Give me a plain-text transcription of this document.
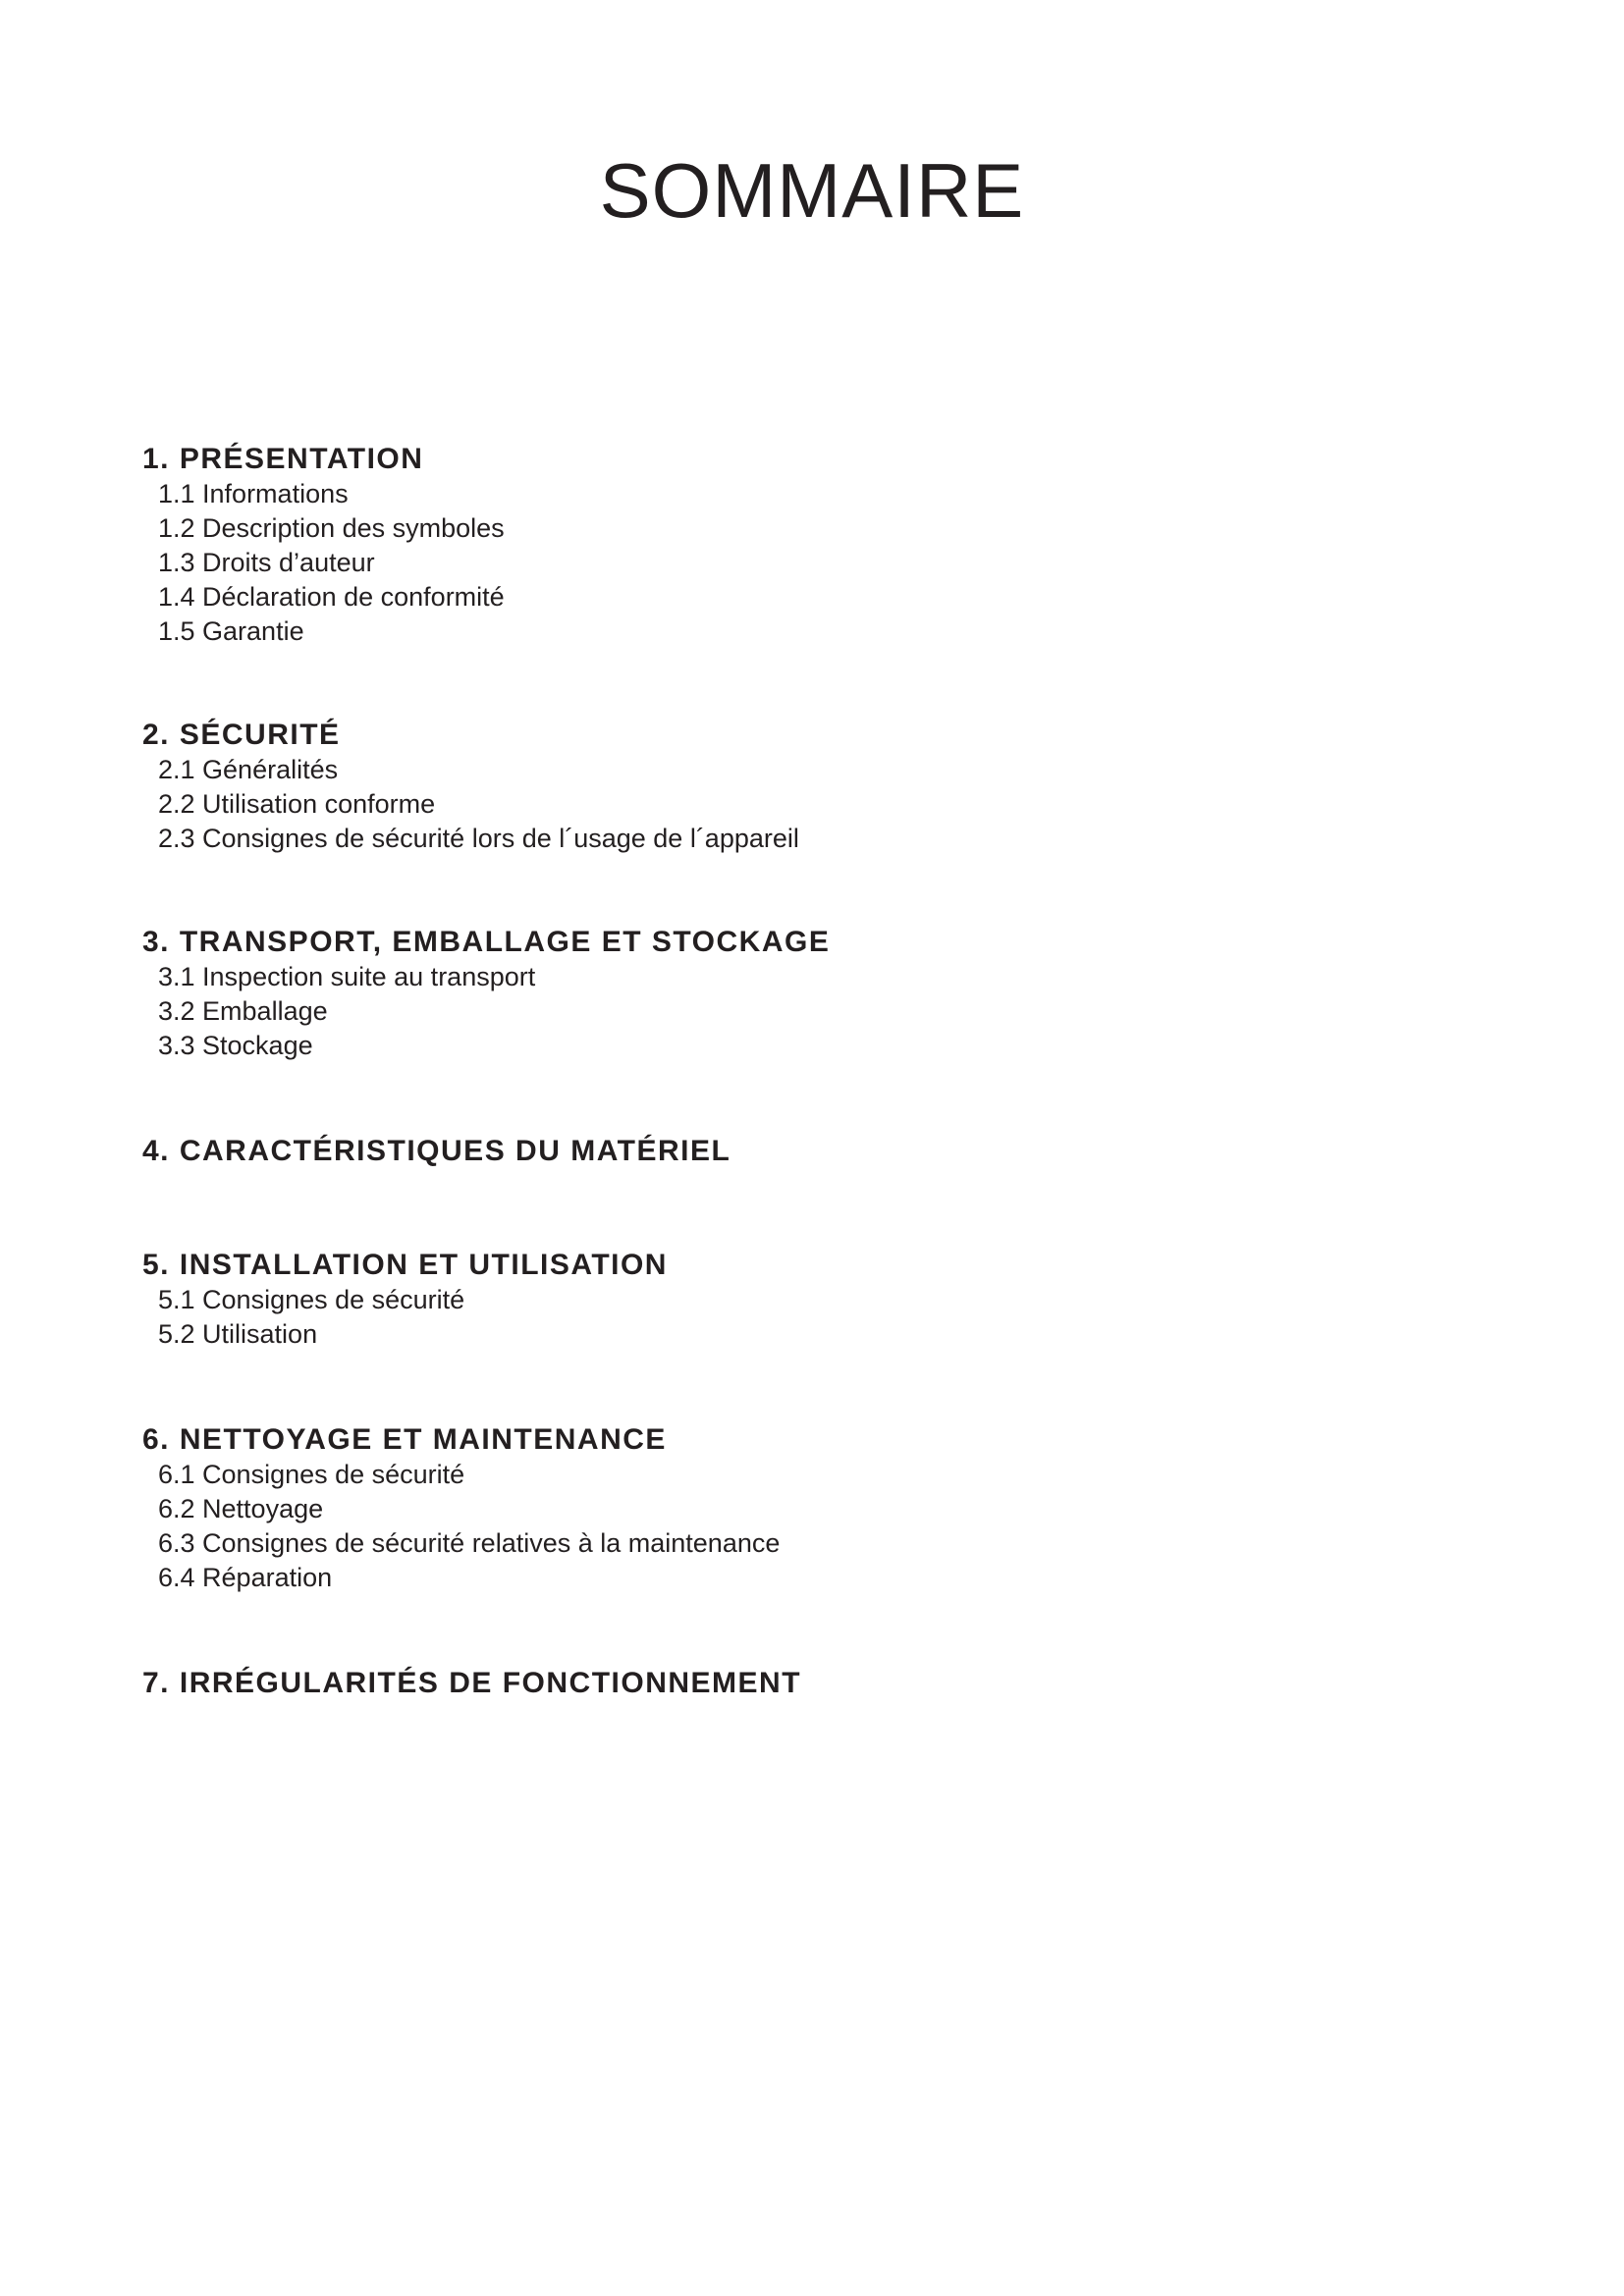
SOMMAIRE
1. PRÉSENTATION
1.1 Informations
1.2 Description des symboles
1.3 Droits d’auteur
1.4 Déclaration de conformité
1.5 Garantie
2. SÉCURITÉ
2.1 Généralités
2.2 Utilisation conforme
2.3 Consignes de sécurité lors de l´usage de l´appareil
3. TRANSPORT, EMBALLAGE ET STOCKAGE
3.1 Inspection suite au transport
3.2 Emballage
3.3 Stockage
4. CARACTÉRISTIQUES DU MATÉRIEL
5. INSTALLATION ET UTILISATION
5.1 Consignes de sécurité
5.2 Utilisation
6. NETTOYAGE ET MAINTENANCE
6.1 Consignes de sécurité
6.2 Nettoyage
6.3 Consignes de sécurité relatives à la maintenance
6.4 Réparation
7. IRRÉGULARITÉS DE FONCTIONNEMENT
